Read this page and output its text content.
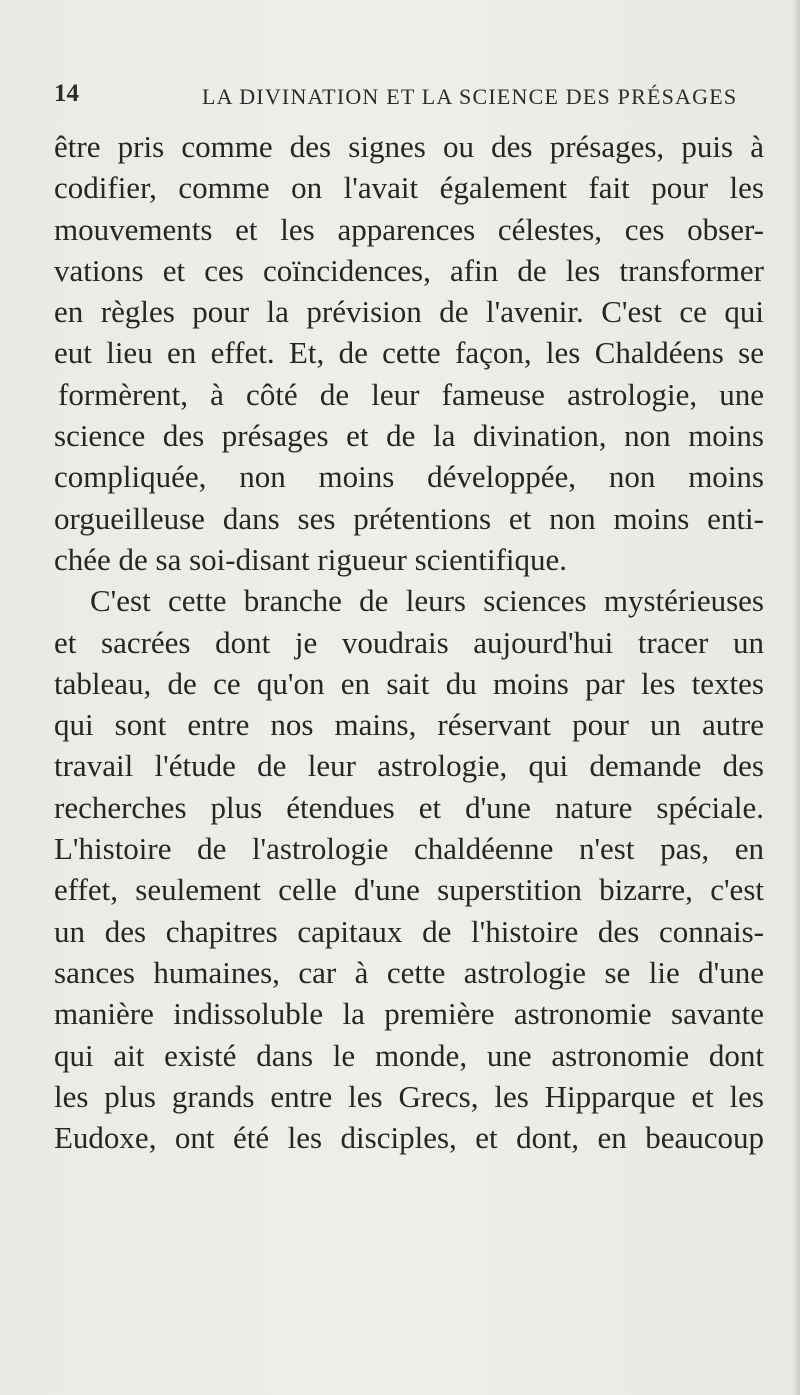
14	LA DIVINATION ET LA SCIENCE DES PRÉSAGES
être pris comme des signes ou des présages, puis à
codifier, comme on l'avait également fait pour les
mouvements et les apparences célestes, ces obser-
vations et ces coïncidences, afin de les transformer
en règles pour la prévision de l'avenir. C'est ce qui
eut lieu en effet. Et, de cette façon, les Chaldéens se
formèrent, à côté de leur fameuse astrologie, une
science des présages et de la divination, non moins
compliquée, non moins développée, non moins
orgueilleuse dans ses prétentions et non moins enti-
chée de sa soi-disant rigueur scientifique.
C'est cette branche de leurs sciences mystérieuses
et sacrées dont je voudrais aujourd'hui tracer un
tableau, de ce qu'on en sait du moins par les textes
qui sont entre nos mains, réservant pour un autre
travail l'étude de leur astrologie, qui demande des
recherches plus étendues et d'une nature spéciale.
L'histoire de l'astrologie chaldéenne n'est pas, en
effet, seulement celle d'une superstition bizarre, c'est
un des chapitres capitaux de l'histoire des connais-
sances humaines, car à cette astrologie se lie d'une
manière indissoluble la première astronomie savante
qui ait existé dans le monde, une astronomie dont
les plus grands entre les Grecs, les Hipparque et les
Eudoxe, ont été les disciples, et dont, en beaucoup
